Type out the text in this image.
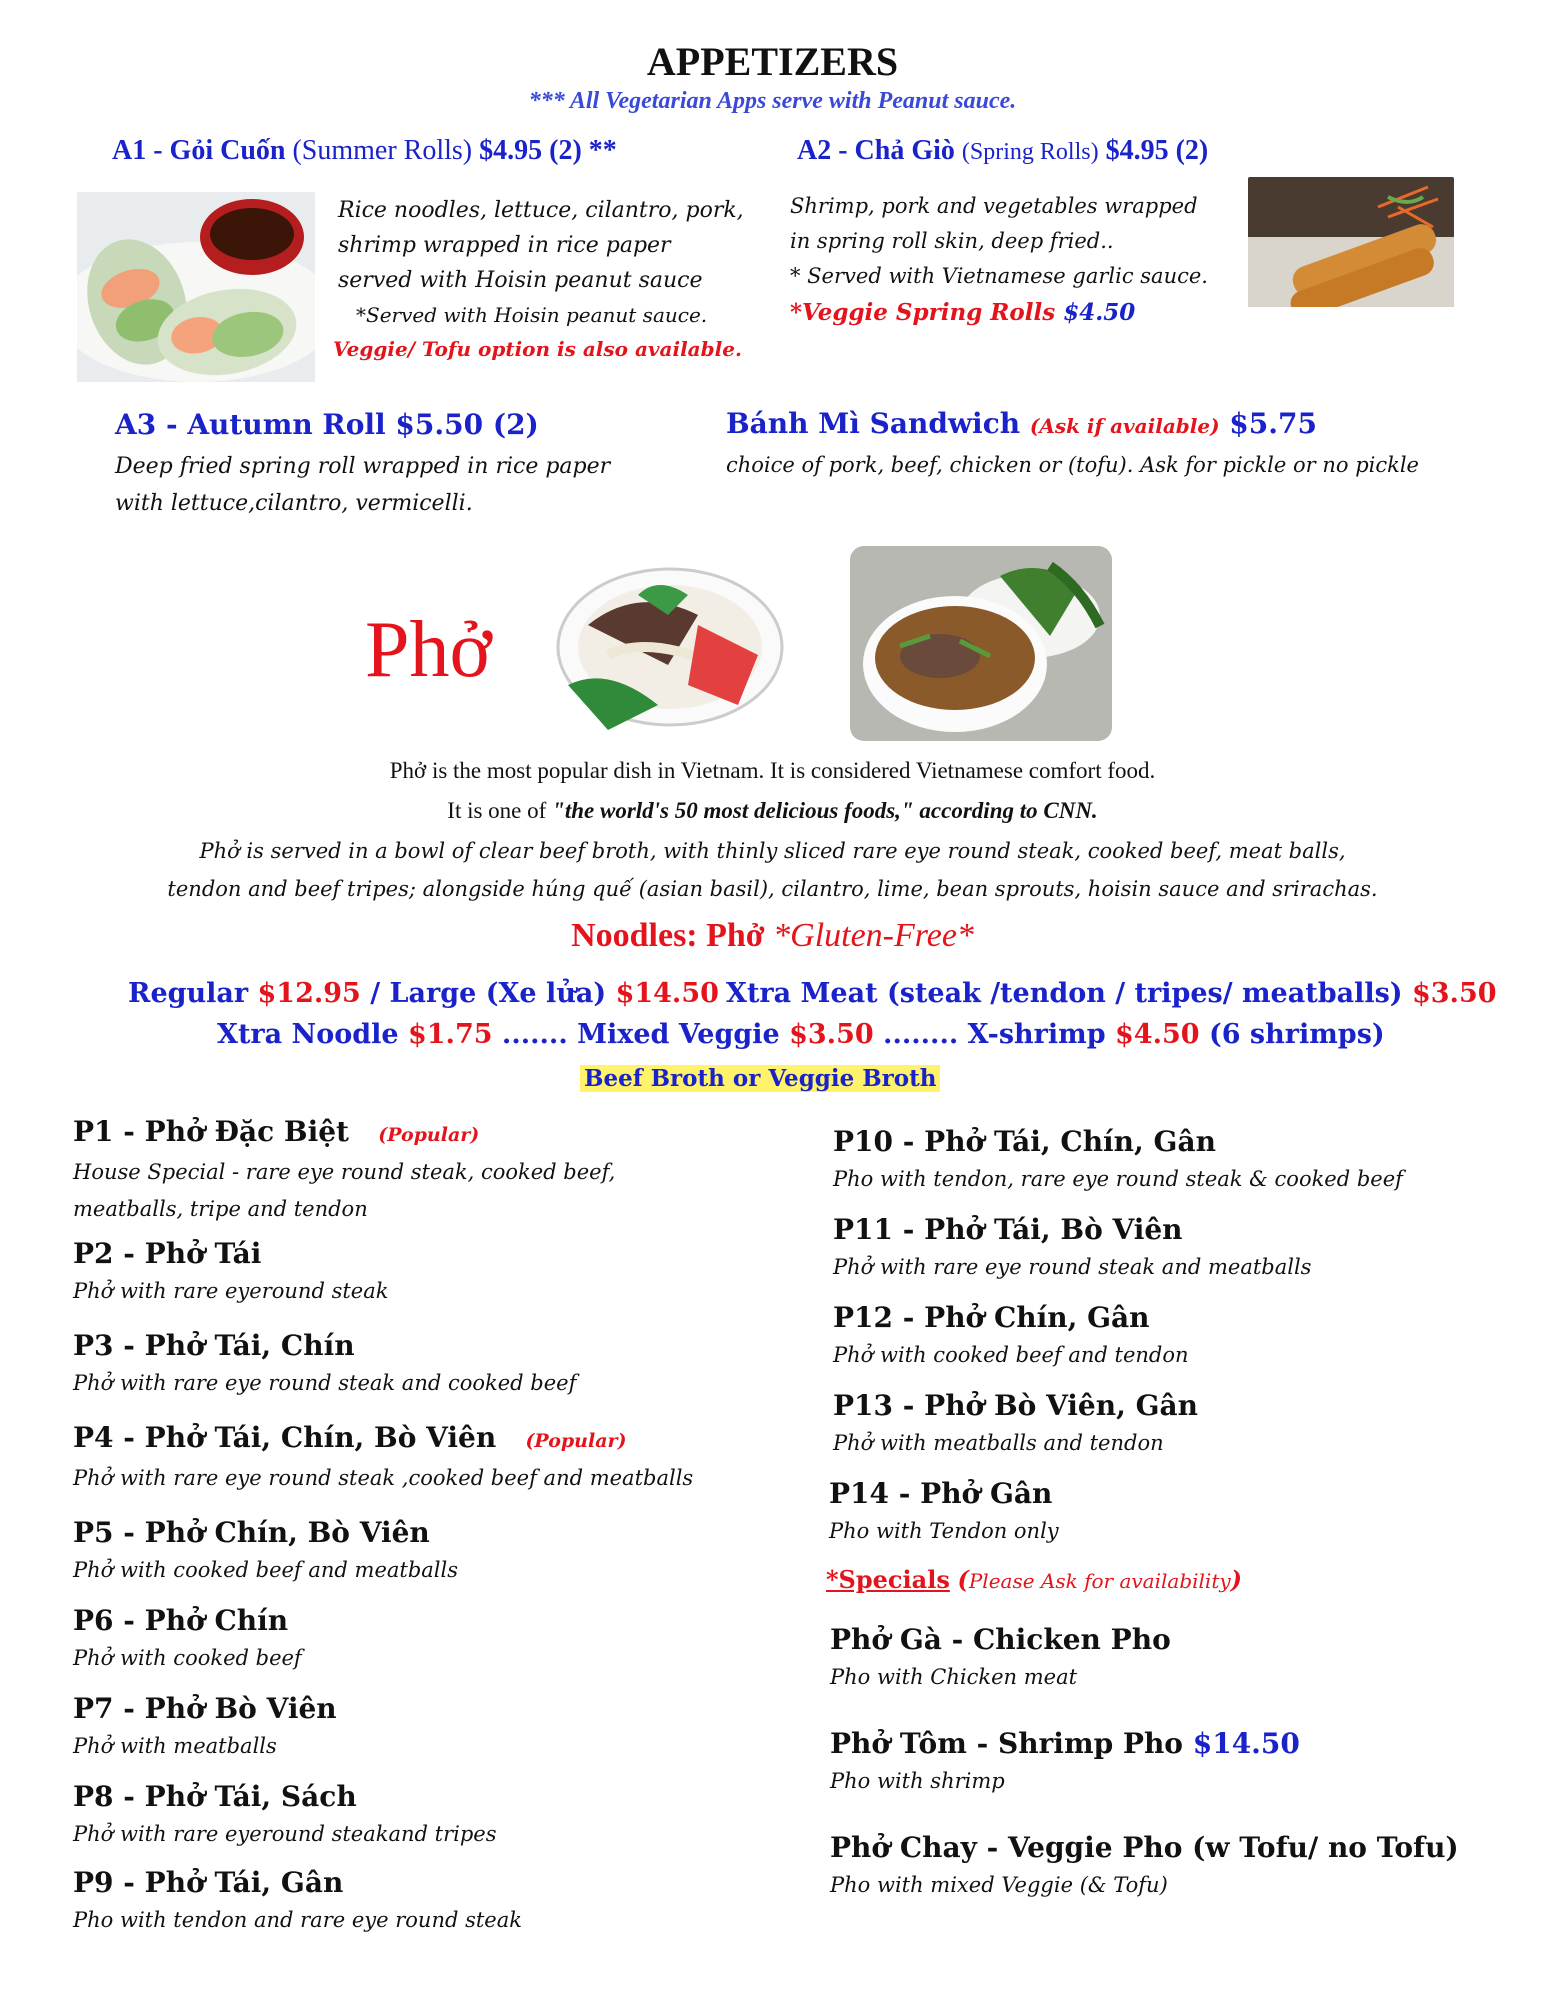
APPETIZERS
*** All Vegetarian Apps serve with Peanut sauce.
A1 - Gỏi Cuốn (Summer Rolls) $4.95 (2) **
Rice noodles, lettuce, cilantro, pork,
shrimp wrapped in rice paper
served with Hoisin peanut sauce
*Served with Hoisin peanut sauce.
Veggie/ Tofu option is also available.
A2 - Chả Giò (Spring Rolls) $4.95 (2)
Shrimp, pork and vegetables wrapped
in spring roll skin, deep fried..
* Served with Vietnamese garlic sauce.
*Veggie Spring Rolls $4.50
A3 - Autumn Roll $5.50 (2)
Deep fried spring roll wrapped in rice paper
with lettuce,cilantro, vermicelli.
Bánh Mì Sandwich (Ask if available) $5.75
choice of pork, beef, chicken or (tofu). Ask for pickle or no pickle
Phở
Phở is the most popular dish in Vietnam. It is considered Vietnamese comfort food.
It is one of "the world's 50 most delicious foods," according to CNN.
Phở is served in a bowl of clear beef broth, with thinly sliced rare eye round steak, cooked beef, meat balls,
tendon and beef tripes; alongside húng quế (asian basil), cilantro, lime, bean sprouts, hoisin sauce and srirachas.
Noodles: Phở *Gluten-Free*
Regular $12.95 / Large (Xe lửa) $14.50 Xtra Meat (steak /tendon / tripes/ meatballs) $3.50
Xtra Noodle $1.75 ....... Mixed Veggie $3.50 ........ X-shrimp $4.50 (6 shrimps)
Beef Broth or Veggie Broth
P1 - Phở Đặc Biệt (Popular)
House Special - rare eye round steak, cooked beef,
meatballs, tripe and tendon
P2 - Phở Tái
Phở with rare eyeround steak
P3 - Phở Tái, Chín
Phở with rare eye round steak and cooked beef
P4 - Phở Tái, Chín, Bò Viên (Popular)
Phở with rare eye round steak ,cooked beef and meatballs
P5 - Phở Chín, Bò Viên
Phở with cooked beef and meatballs
P6 - Phở Chín
Phở with cooked beef
P7 - Phở Bò Viên
Phở with meatballs
P8 - Phở Tái, Sách
Phở with rare eyeround steakand tripes
P9 - Phở Tái, Gân
Pho with tendon and rare eye round steak
P10 - Phở Tái, Chín, Gân
Pho with tendon, rare eye round steak & cooked beef
P11 - Phở Tái, Bò Viên
Phở with rare eye round steak and meatballs
P12 - Phở Chín, Gân
Phở with cooked beef and tendon
P13 - Phở Bò Viên, Gân
Phở with meatballs and tendon
P14 - Phở Gân
Pho with Tendon only
*Specials (Please Ask for availability)
Phở Gà - Chicken Pho
Pho with Chicken meat
Phở Tôm - Shrimp Pho $14.50
Pho with shrimp
Phở Chay - Veggie Pho (w Tofu/ no Tofu)
Pho with mixed Veggie (& Tofu)
